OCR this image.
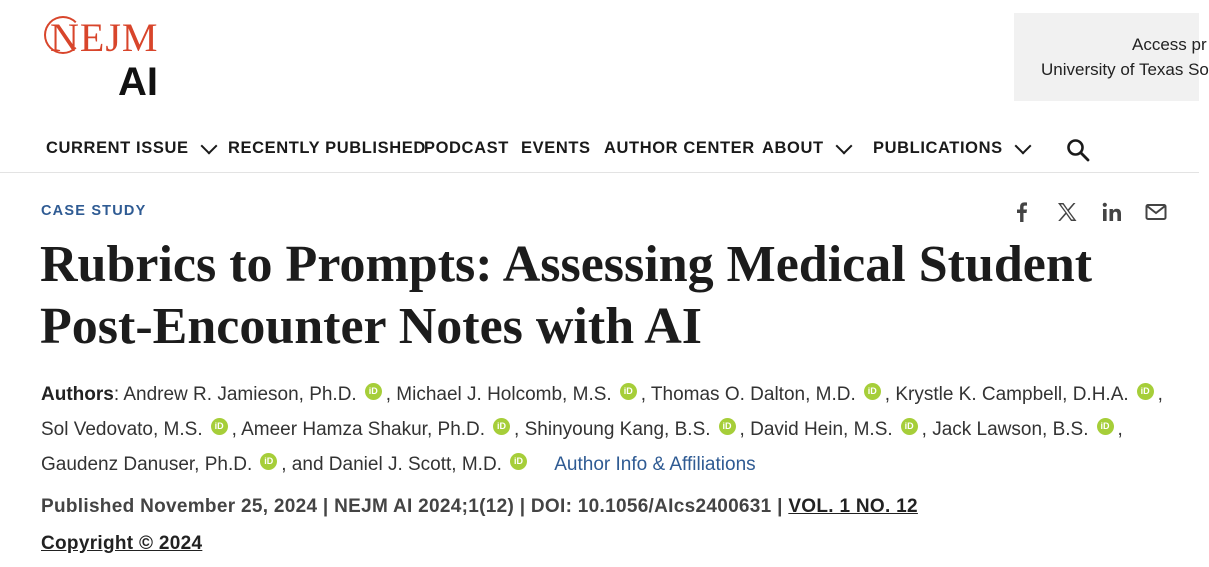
NEJM
AI
Access pr
University of Texas So
CURRENT ISSUE RECENTLY PUBLISHED
PODCAST EVENTS AUTHOR CENTER ABOUT	PUBLICATIONS
CASE STUDY
Rubrics to Prompts: Assessing Medical Student Post-Encounter Notes with AI
Authors: Andrew R. Jamieson, Ph.D. iD , Michael J. Holcomb, M.S. iD , Thomas O. Dalton, M.D. iD , Krystle K. Campbell, D.H.A. iD , Sol Vedovato, M.S. iD , Ameer Hamza Shakur, Ph.D. iD , Shinyoung Kang, B.S. iD , David Hein, M.S. iD , Jack Lawson, B.S. iD , Gaudenz Danuser, Ph.D. iD , and Daniel J. Scott, M.D. iD Author Info & Affiliations
Published November 25, 2024 | NEJM AI 2024;1(12) | DOI: 10.1056/AIcs2400631 | VOL. 1 NO. 12
Copyright © 2024
